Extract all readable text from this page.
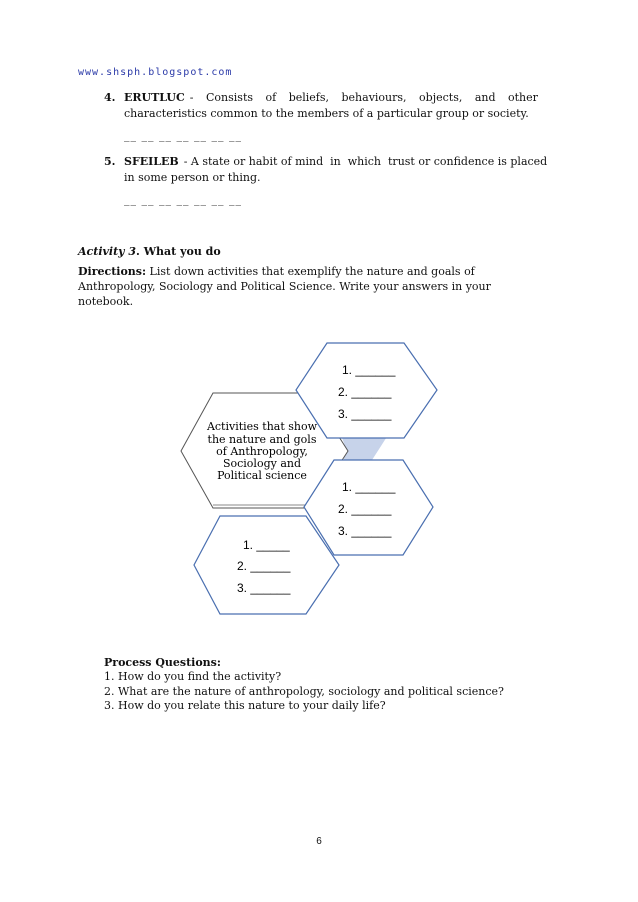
www.shsph.blogspot.com
4. ERUTLUC - Consists of beliefs, behaviours, objects, and other
characteristics common to the members of a particular group or society.
__ __ __ __ __ __ __
5. SFEILEB - A state or habit of mind  in  which  trust or confidence is placed
in some person or thing.
__ __ __ __ __ __ __
Activity 3. What you do
Directions: List down activities that exemplify the nature and goals of
Anthropology, Sociology and Political Science. Write your answers in your
notebook.
Activities that show
the nature and gols
of Anthropology,
Sociology and
Political science
1. ______
2. ______
3. ______
1. ______
2. ______
3. ______
1. _____
2. ______
3. ______
Process Questions:
1. How do you find the activity?
2. What are the nature of anthropology, sociology and political science?
3. How do you relate this nature to your daily life?
6
